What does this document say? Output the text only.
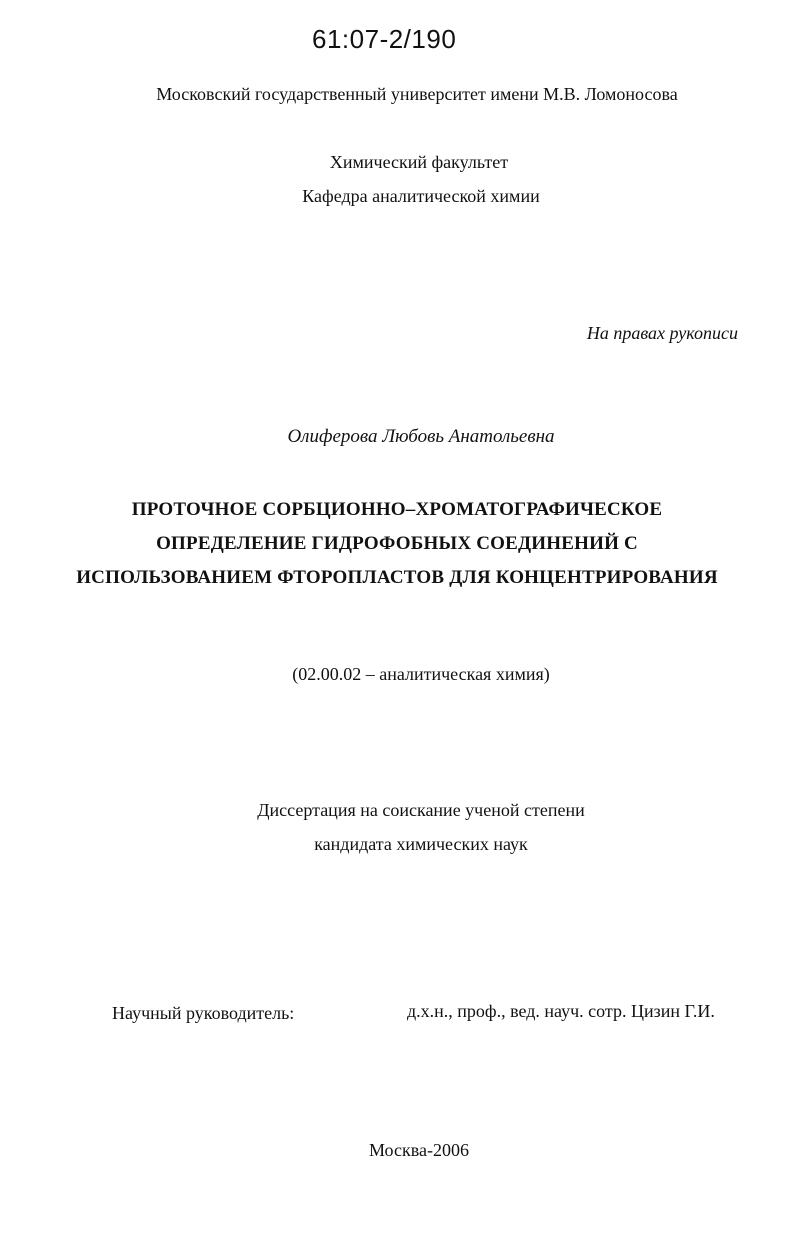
61:07-2/190
Московский государственный университет имени М.В. Ломоносова
Химический факультет
Кафедра аналитической химии
На правах рукописи
Олиферова Любовь Анатольевна
ПРОТОЧНОЕ СОРБЦИОННО–ХРОМАТОГРАФИЧЕСКОЕ
ОПРЕДЕЛЕНИЕ ГИДРОФОБНЫХ СОЕДИНЕНИЙ С
ИСПОЛЬЗОВАНИЕМ ФТОРОПЛАСТОВ ДЛЯ КОНЦЕНТРИРОВАНИЯ
(02.00.02 – аналитическая химия)
Диссертация на соискание ученой степени
кандидата химических наук
Научный руководитель:	д.х.н., проф., вед. науч. сотр. Цизин Г.И.
Москва-2006
